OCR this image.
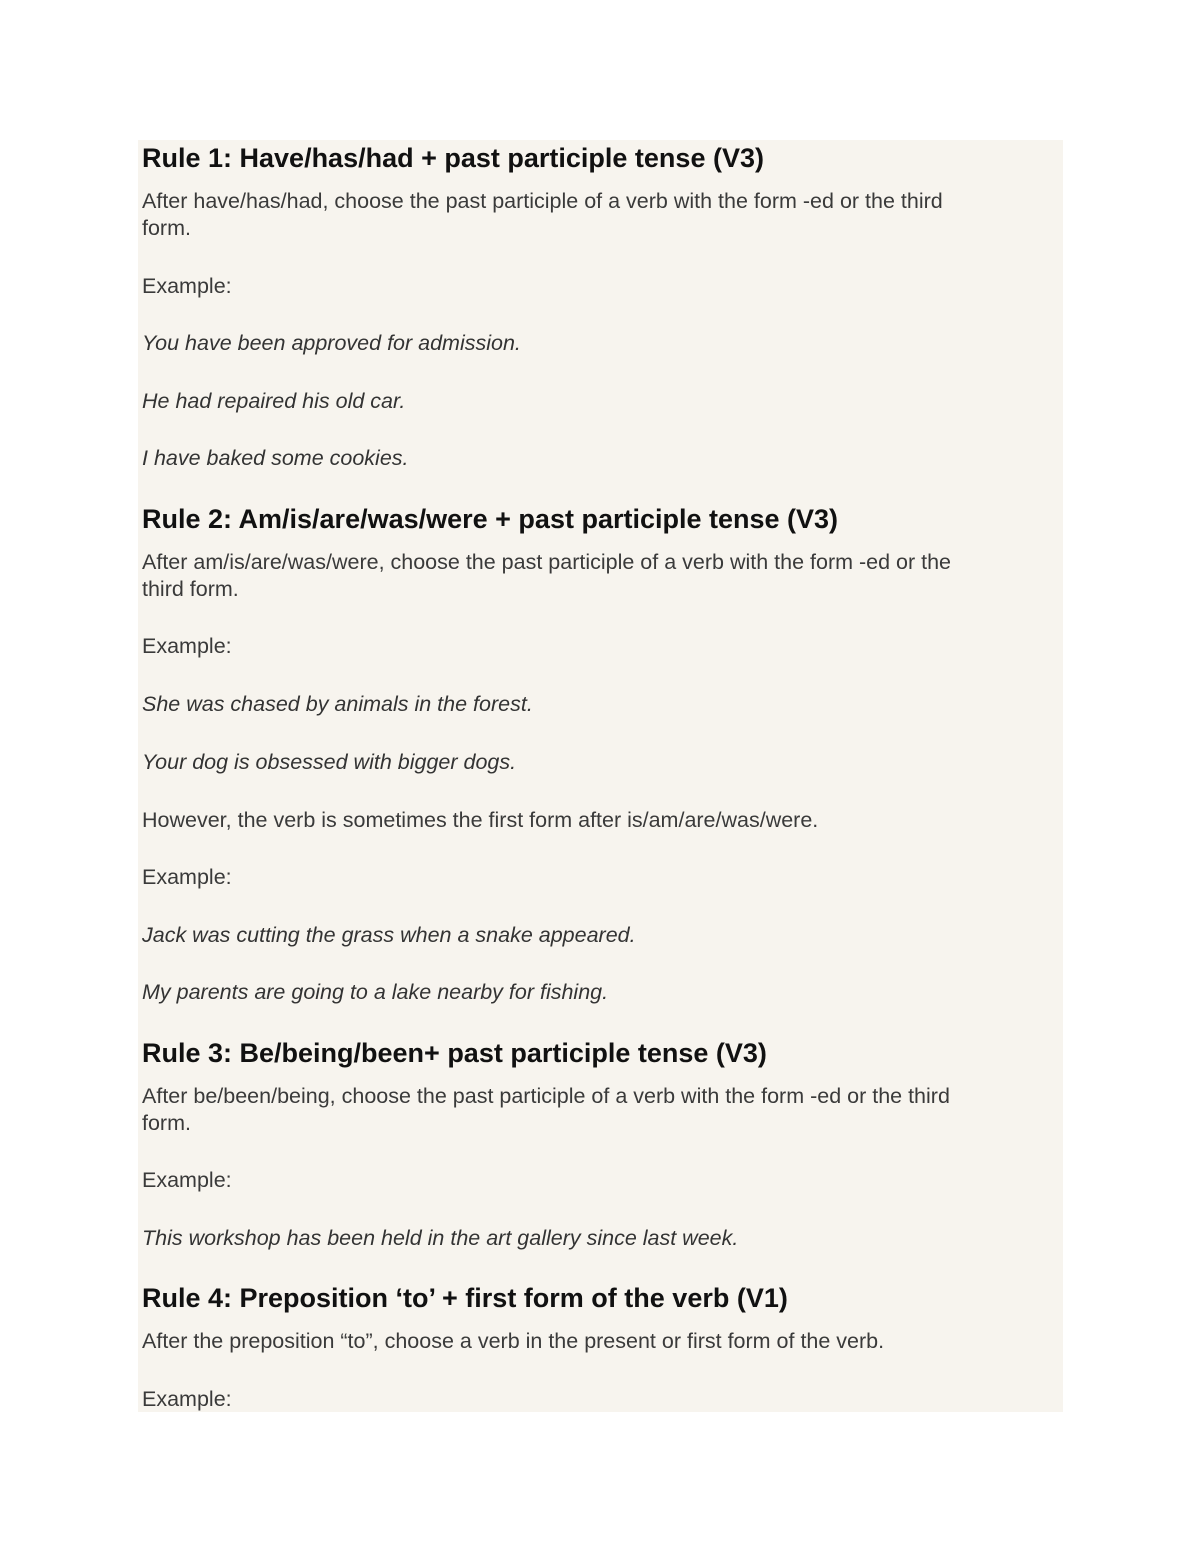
Rule 1: Have/has/had + past participle tense (V3)
After have/has/had, choose the past participle of a verb with the form -ed or the third
form.
Example:
You have been approved for admission.
He had repaired his old car.
I have baked some cookies.
Rule 2: Am/is/are/was/were + past participle tense (V3)
After am/is/are/was/were, choose the past participle of a verb with the form -ed or the
third form.
Example:
She was chased by animals in the forest.
Your dog is obsessed with bigger dogs.
However, the verb is sometimes the first form after is/am/are/was/were.
Example:
Jack was cutting the grass when a snake appeared.
My parents are going to a lake nearby for fishing.
Rule 3: Be/being/been+ past participle tense (V3)
After be/been/being, choose the past participle of a verb with the form -ed or the third
form.
Example:
This workshop has been held in the art gallery since last week.
Rule 4: Preposition ‘to’ + first form of the verb (V1)
After the preposition “to”, choose a verb in the present or first form of the verb.
Example:
